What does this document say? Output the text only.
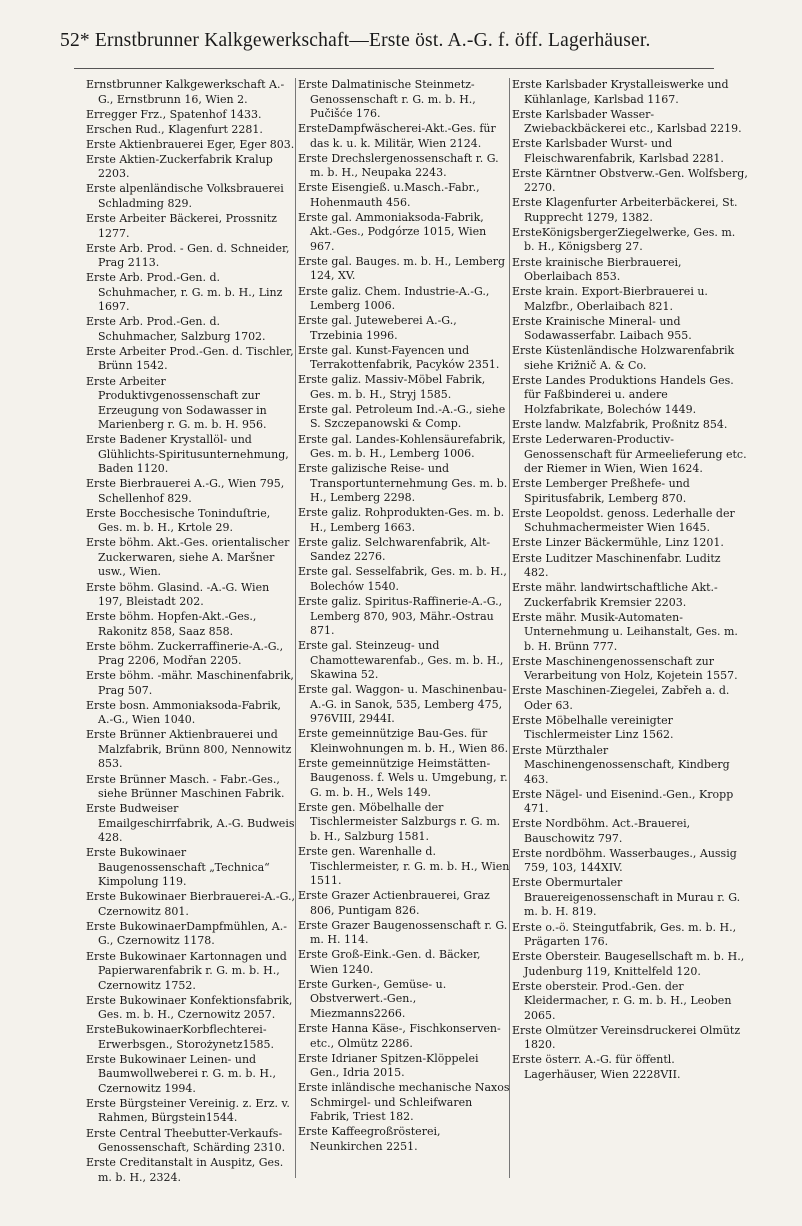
52* Ernstbrunner Kalkgewerkschaft—Erste öst. A.-G. f. öff. Lagerhäuser.
Ernstbrunner Kalkgewerkschaft A.-G., Ernstbrunn 16, Wien 2.
Erregger Frz., Spatenhof 1433.
Erschen Rud., Klagenfurt 2281.
Erste Aktienbrauerei Eger, Eger 803.
Erste Aktien-Zuckerfabrik Kralup 2203.
Erste alpenländische Volksbrauerei Schladming 829.
Erste Arbeiter Bäckerei, Prossnitz 1277.
Erste Arb. Prod. - Gen. d. Schneider, Prag 2113.
Erste Arb. Prod.-Gen. d. Schuhmacher, r. G. m. b. H., Linz 1697.
Erste Arb. Prod.-Gen. d. Schuhmacher, Salzburg 1702.
Erste Arbeiter Prod.-Gen. d. Tischler, Brünn 1542.
Erste Arbeiter Produktivgenossenschaft zur Erzeugung von Sodawasser in Marienberg r. G. m. b. H. 956.
Erste Badener Krystallöl- und Glühlichts-Spiritusunternehmung, Baden 1120.
Erste Bierbrauerei A.-G., Wien 795, Schellenhof 829.
Erste Bocchesische Toninduſtrie, Ges. m. b. H., Krtole 29.
Erste böhm. Akt.-Ges. orientalischer Zuckerwaren, siehe A. Maršner usw., Wien.
Erste böhm. Glasind. -A.-G. Wien 197, Bleistadt 202.
Erste böhm. Hopfen-Akt.-Ges., Rakonitz 858, Saaz 858.
Erste böhm. Zuckerraffinerie-A.-G., Prag 2206, Modřan 2205.
Erste böhm. -mähr. Maschinenfabrik, Prag 507.
Erste bosn. Ammoniaksoda-Fabrik, A.-G., Wien 1040.
Erste Brünner Aktienbrauerei und Malzfabrik, Brünn 800, Nennowitz 853.
Erste Brünner Masch. - Fabr.-Ges., siehe Brünner Maschinen Fabrik.
Erste Budweiser Emailgeschirrfabrik, A.-G. Budweis 428.
Erste Bukowinaer Baugenossenschaft „Technica“ Kimpolung 119.
Erste Bukowinaer Bierbrauerei-A.-G., Czernowitz 801.
Erste BukowinaerDampfmühlen, A.-G., Czernowitz 1178.
Erste Bukowinaer Kartonnagen und Papierwarenfabrik r. G. m. b. H., Czernowitz 1752.
Erste Bukowinaer Konfektionsfabrik, Ges. m. b. H., Czernowitz 2057.
ErsteBukowinaerKorbflechterei-Erwerbsgen., Storożynetz1585.
Erste Bukowinaer Leinen- und Baumwollweberei r. G. m. b. H., Czernowitz 1994.
Erste Bürgsteiner Vereinig. z. Erz. v. Rahmen, Bürgstein1544.
Erste Central Theebutter-Verkaufs-Genossenschaft, Schärding 2310.
Erste Creditanstalt in Auspitz, Ges. m. b. H., 2324.
Erste Dalmatinische Steinmetz-Genossenschaft r. G. m. b. H., Pučišće 176.
ErsteDampfwäscherei-Akt.-Ges. für das k. u. k. Militär, Wien 2124.
Erste Drechslergenossenschaft r. G. m. b. H., Neupaka 2243.
Erste Eisengieß. u.Masch.-Fabr., Hohenmauth 456.
Erste gal. Ammoniaksoda-Fabrik, Akt.-Ges., Podgórze 1015, Wien 967.
Erste gal. Bauges. m. b. H., Lemberg 124, XV.
Erste galiz. Chem. Industrie-A.-G., Lemberg 1006.
Erste gal. Juteweberei A.-G., Trzebinia 1996.
Erste gal. Kunst-Fayencen und Terrakottenfabrik, Pacyków 2351.
Erste galiz. Massiv-Möbel Fabrik, Ges. m. b. H., Stryj 1585.
Erste gal. Petroleum Ind.-A.-G., siehe S. Szczepanowski & Comp.
Erste gal. Landes-Kohlensäurefabrik, Ges. m. b. H., Lemberg 1006.
Erste galizische Reise- und Transportunternehmung Ges. m. b. H., Lemberg 2298.
Erste galiz. Rohprodukten-Ges. m. b. H., Lemberg 1663.
Erste galiz. Selchwarenfabrik, Alt-Sandez 2276.
Erste gal. Sesselfabrik, Ges. m. b. H., Bolechów 1540.
Erste galiz. Spiritus-Raffinerie-A.-G., Lemberg 870, 903, Mähr.-Ostrau 871.
Erste gal. Steinzeug- und Chamottewarenfab., Ges. m. b. H., Skawina 52.
Erste gal. Waggon- u. Maschinenbau-A.-G. in Sanok, 535, Lemberg 475, 976VIII, 2944I.
Erste gemeinnützige Bau-Ges. für Kleinwohnungen m. b. H., Wien 86.
Erste gemeinnützige Heimstätten-Baugenoss. f. Wels u. Umgebung, r. G. m. b. H., Wels 149.
Erste gen. Möbelhalle der Tischlermeister Salzburgs r. G. m. b. H., Salzburg 1581.
Erste gen. Warenhalle d. Tischlermeister, r. G. m. b. H., Wien 1511.
Erste Grazer Actienbrauerei, Graz 806, Puntigam 826.
Erste Grazer Baugenossenschaft r. G. m. H. 114.
Erste Groß-Eink.-Gen. d. Bäcker, Wien 1240.
Erste Gurken-, Gemüse- u. Obstverwert.-Gen., Miezmanns2266.
Erste Hanna Käse-, Fischkonserven- etc., Olmütz 2286.
Erste Idrianer Spitzen-Klöppelei Gen., Idria 2015.
Erste inländische mechanische Naxos Schmirgel- und Schleifwaren Fabrik, Triest 182.
Erste Kaffeegroßrösterei, Neunkirchen 2251.
Erste Karlsbader Krystalleiswerke und Kühlanlage, Karlsbad 1167.
Erste Karlsbader Wasser-Zwiebackbäckerei etc., Karlsbad 2219.
Erste Karlsbader Wurst- und Fleischwarenfabrik, Karlsbad 2281.
Erste Kärntner Obstverw.-Gen. Wolfsberg, 2270.
Erste Klagenfurter Arbeiterbäckerei, St. Rupprecht 1279, 1382.
ErsteKönigsbergerZiegelwerke, Ges. m. b. H., Königsberg 27.
Erste krainische Bierbrauerei, Oberlaibach 853.
Erste krain. Export-Bierbrauerei u. Malzfbr., Oberlaibach 821.
Erste Krainische Mineral- und Sodawasserfabr. Laibach 955.
Erste Küstenländische Holzwarenfabrik siehe Križnič A. & Co.
Erste Landes Produktions Handels Ges. für Faßbinderei u. andere Holzfabrikate, Bolechów 1449.
Erste landw. Malzfabrik, Proßnitz 854.
Erste Lederwaren-Productiv-Genossenschaft für Armeelieferung etc. der Riemer in Wien, Wien 1624.
Erste Lemberger Preßhefe- und Spiritusfabrik, Lemberg 870.
Erste Leopoldst. genoss. Lederhalle der Schuhmachermeister Wien 1645.
Erste Linzer Bäckermühle, Linz 1201.
Erste Luditzer Maschinenfabr. Luditz 482.
Erste mähr. landwirtschaftliche Akt.-Zuckerfabrik Kremsier 2203.
Erste mähr. Musik-Automaten-Unternehmung u. Leihanstalt, Ges. m. b. H. Brünn 777.
Erste Maschinengenossenschaft zur Verarbeitung von Holz, Kojetein 1557.
Erste Maschinen-Ziegelei, Zabřeh a. d. Oder 63.
Erste Möbelhalle vereinigter Tischlermeister Linz 1562.
Erste Mürzthaler Maschinengenossenschaft, Kindberg 463.
Erste Nägel- und Eisenind.-Gen., Kropp 471.
Erste Nordböhm. Act.-Brauerei, Bauschowitz 797.
Erste nordböhm. Wasserbauges., Aussig 759, 103, 144XIV.
Erste Obermurtaler Brauereigenossenschaft in Murau r. G. m. b. H. 819.
Erste o.-ö. Steingutfabrik, Ges. m. b. H., Prägarten 176.
Erste Obersteir. Baugesellschaft m. b. H., Judenburg 119, Knittelfeld 120.
Erste obersteir. Prod.-Gen. der Kleidermacher, r. G. m. b. H., Leoben 2065.
Erste Olmützer Vereinsdruckerei Olmütz 1820.
Erste österr. A.-G. für öffentl. Lagerhäuser, Wien 2228VII.
